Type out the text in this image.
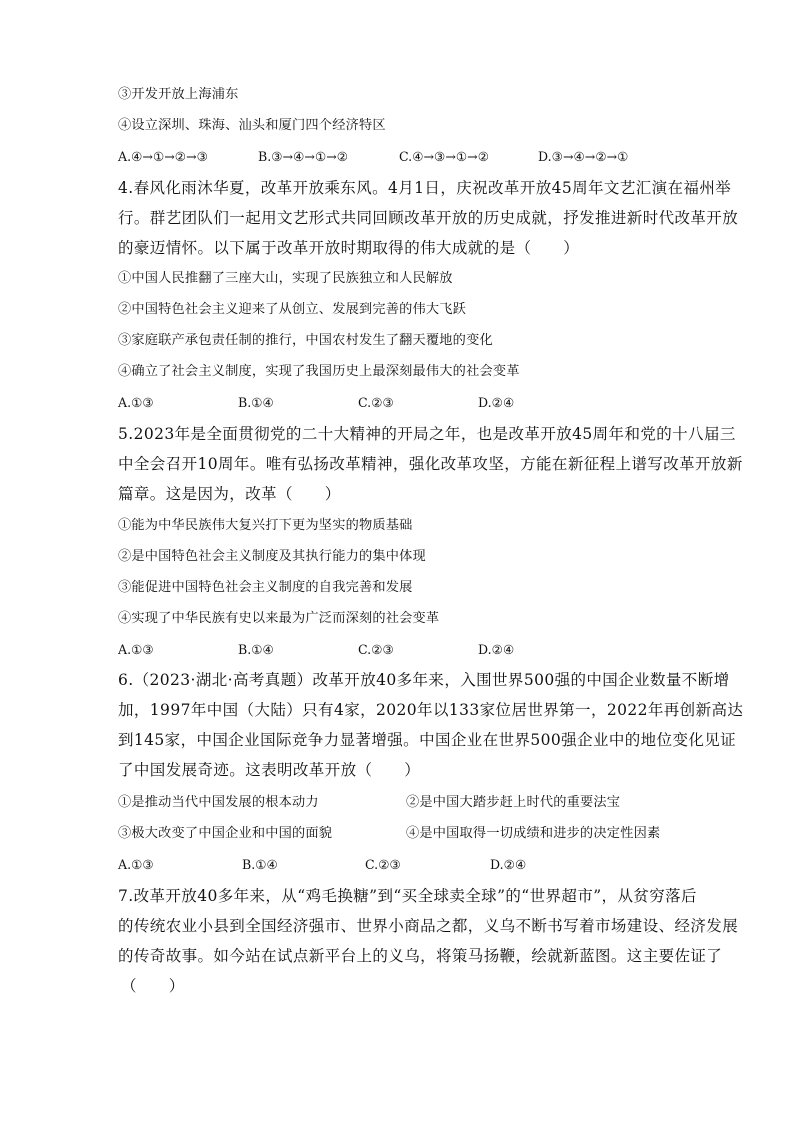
③开发开放上海浦东
④设立深圳、珠海、汕头和厦门四个经济特区
A.④→①→②→③	B.③→④→①→②	C.④→③→①→②	D.③→④→②→①
4.春风化雨沐华夏，改革开放乘东风。4月1日，庆祝改革开放45周年文艺汇演在福州举
行。群艺团队们一起用文艺形式共同回顾改革开放的历史成就，抒发推进新时代改革开放
的豪迈情怀。以下属于改革开放时期取得的伟大成就的是（　　）
①中国人民推翻了三座大山，实现了民族独立和人民解放
②中国特色社会主义迎来了从创立、发展到完善的伟大飞跃
③家庭联产承包责任制的推行，中国农村发生了翻天覆地的变化
④确立了社会主义制度，实现了我国历史上最深刻最伟大的社会变革
A.①③	B.①④	C.②③	D.②④
5.2023年是全面贯彻党的二十大精神的开局之年，也是改革开放45周年和党的十八届三
中全会召开10周年。唯有弘扬改革精神，强化改革攻坚，方能在新征程上谱写改革开放新
篇章。这是因为，改革（　　）
①能为中华民族伟大复兴打下更为坚实的物质基础
②是中国特色社会主义制度及其执行能力的集中体现
③能促进中国特色社会主义制度的自我完善和发展
④实现了中华民族有史以来最为广泛而深刻的社会变革
A.①③	B.①④	C.②③	D.②④
6.（2023·湖北·高考真题）改革开放40多年来，入围世界500强的中国企业数量不断增
加，1997年中国（大陆）只有4家，2020年以133家位居世界第一，2022年再创新高达
到145家，中国企业国际竞争力显著增强。中国企业在世界500强企业中的地位变化见证
了中国发展奇迹。这表明改革开放（　　）
①是推动当代中国发展的根本动力	②是中国大踏步赶上时代的重要法宝
③极大改变了中国企业和中国的面貌	④是中国取得一切成绩和进步的决定性因素
A.①③	B.①④	C.②③	D.②④
7.改革开放40多年来，从“鸡毛换糖”到“买全球卖全球”的“世界超市”，从贫穷落后
的传统农业小县到全国经济强市、世界小商品之都，义乌不断书写着市场建设、经济发展
的传奇故事。如今站在试点新平台上的义乌，将策马扬鞭，绘就新蓝图。这主要佐证了
（　　）
